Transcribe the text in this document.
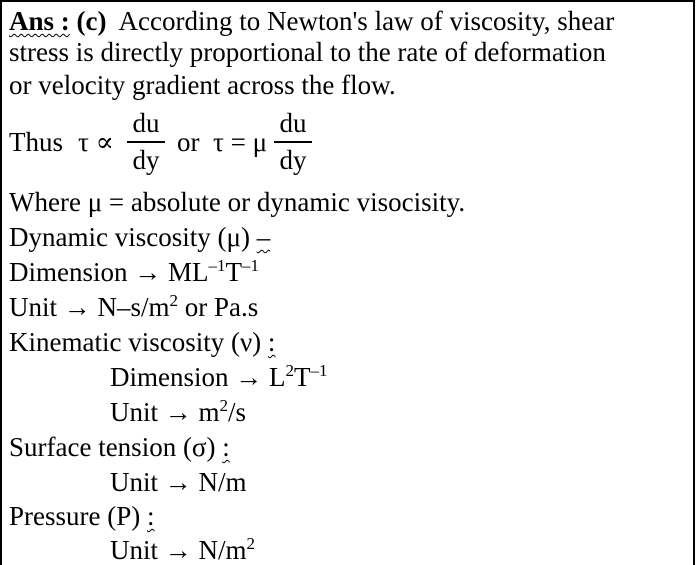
Ans : (c) According to Newton's law of viscosity, shear
stress is directly proportional to the rate of deformation
or velocity gradient across the flow.
Thus τ ∝
du
dy
or τ = μ
du
dy
Where μ = absolute or dynamic visocisity.
Dynamic viscosity (μ) –
Dimension → $ML^{-1}T^{-1}$
Unit → $N-s/m^2$ or Pa.s
Kinematic viscosity (ν) :
Dimension → $L^2T^{-1}$
Unit → $m^2/s$
Surface tension (σ) :
Unit → N/m
Pressure (P) :
Unit → $N/m^2$
